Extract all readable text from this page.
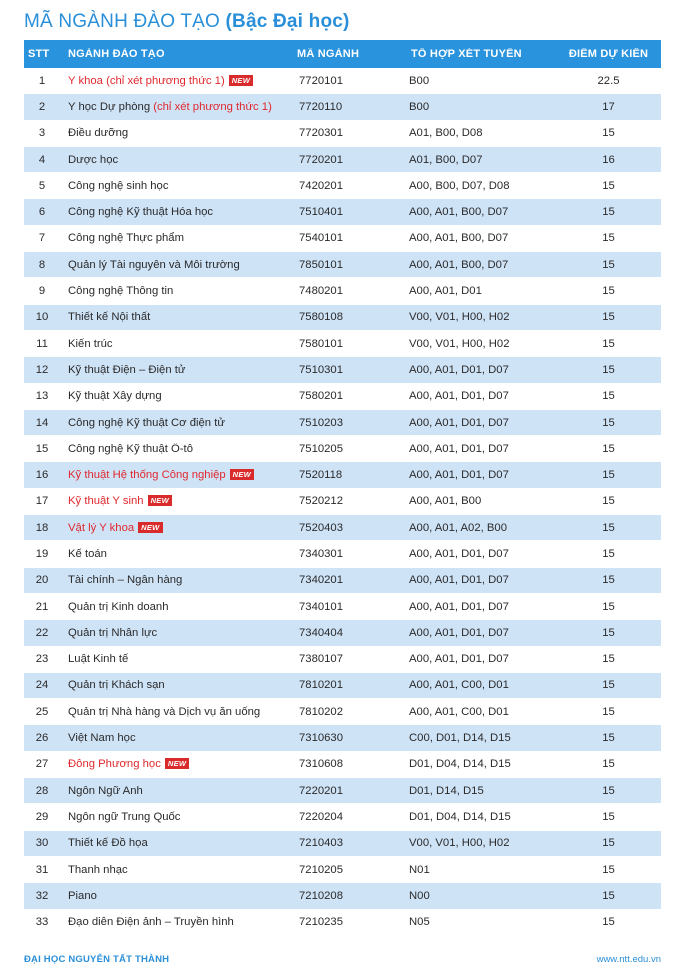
MÃ NGÀNH ĐÀO TẠO (Bậc Đại học)
STT	NGÀNH ĐÀO TẠO	MÃ NGÀNH	TỔ HỢP XÉT TUYỂN	ĐIỂM DỰ KIẾN
1	Y khoa (chỉ xét phương thức 1) NEW	7720101	B00	22.5
2	Y học Dự phòng (chỉ xét phương thức 1)	7720110	B00	17
3	Điều dưỡng	7720301	A01, B00, D08	15
4	Dược học	7720201	A01, B00, D07	16
5	Công nghệ sinh học	7420201	A00, B00, D07, D08	15
6	Công nghệ Kỹ thuật Hóa học	7510401	A00, A01, B00, D07	15
7	Công nghệ Thực phẩm	7540101	A00, A01, B00, D07	15
8	Quản lý Tài nguyên và Môi trường	7850101	A00, A01, B00, D07	15
9	Công nghệ Thông tin	7480201	A00, A01, D01	15
10	Thiết kế Nội thất	7580108	V00, V01, H00, H02	15
11	Kiến trúc	7580101	V00, V01, H00, H02	15
12	Kỹ thuật Điện – Điện tử	7510301	A00, A01, D01, D07	15
13	Kỹ thuật Xây dựng	7580201	A00, A01, D01, D07	15
14	Công nghệ Kỹ thuật Cơ điện tử	7510203	A00, A01, D01, D07	15
15	Công nghệ Kỹ thuật Ô-tô	7510205	A00, A01, D01, D07	15
16	Kỹ thuật Hệ thống Công nghiệp NEW	7520118	A00, A01, D01, D07	15
17	Kỹ thuật Y sinh NEW	7520212	A00, A01, B00	15
18	Vật lý Y khoa NEW	7520403	A00, A01, A02, B00	15
19	Kế toán	7340301	A00, A01, D01, D07	15
20	Tài chính – Ngân hàng	7340201	A00, A01, D01, D07	15
21	Quản trị Kinh doanh	7340101	A00, A01, D01, D07	15
22	Quản trị Nhân lực	7340404	A00, A01, D01, D07	15
23	Luật Kinh tế	7380107	A00, A01, D01, D07	15
24	Quản trị Khách sạn	7810201	A00, A01, C00, D01	15
25	Quản trị Nhà hàng và Dịch vụ ăn uống	7810202	A00, A01, C00, D01	15
26	Việt Nam học	7310630	C00, D01, D14, D15	15
27	Đông Phương học NEW	7310608	D01, D04, D14, D15	15
28	Ngôn Ngữ Anh	7220201	D01, D14, D15	15
29	Ngôn ngữ Trung Quốc	7220204	D01, D04, D14, D15	15
30	Thiết kế Đồ họa	7210403	V00, V01, H00, H02	15
31	Thanh nhạc	7210205	N01	15
32	Piano	7210208	N00	15
33	Đạo diễn Điện ảnh – Truyền hình	7210235	N05	15
ĐẠI HỌC NGUYỄN TẤT THÀNH	www.ntt.edu.vn
